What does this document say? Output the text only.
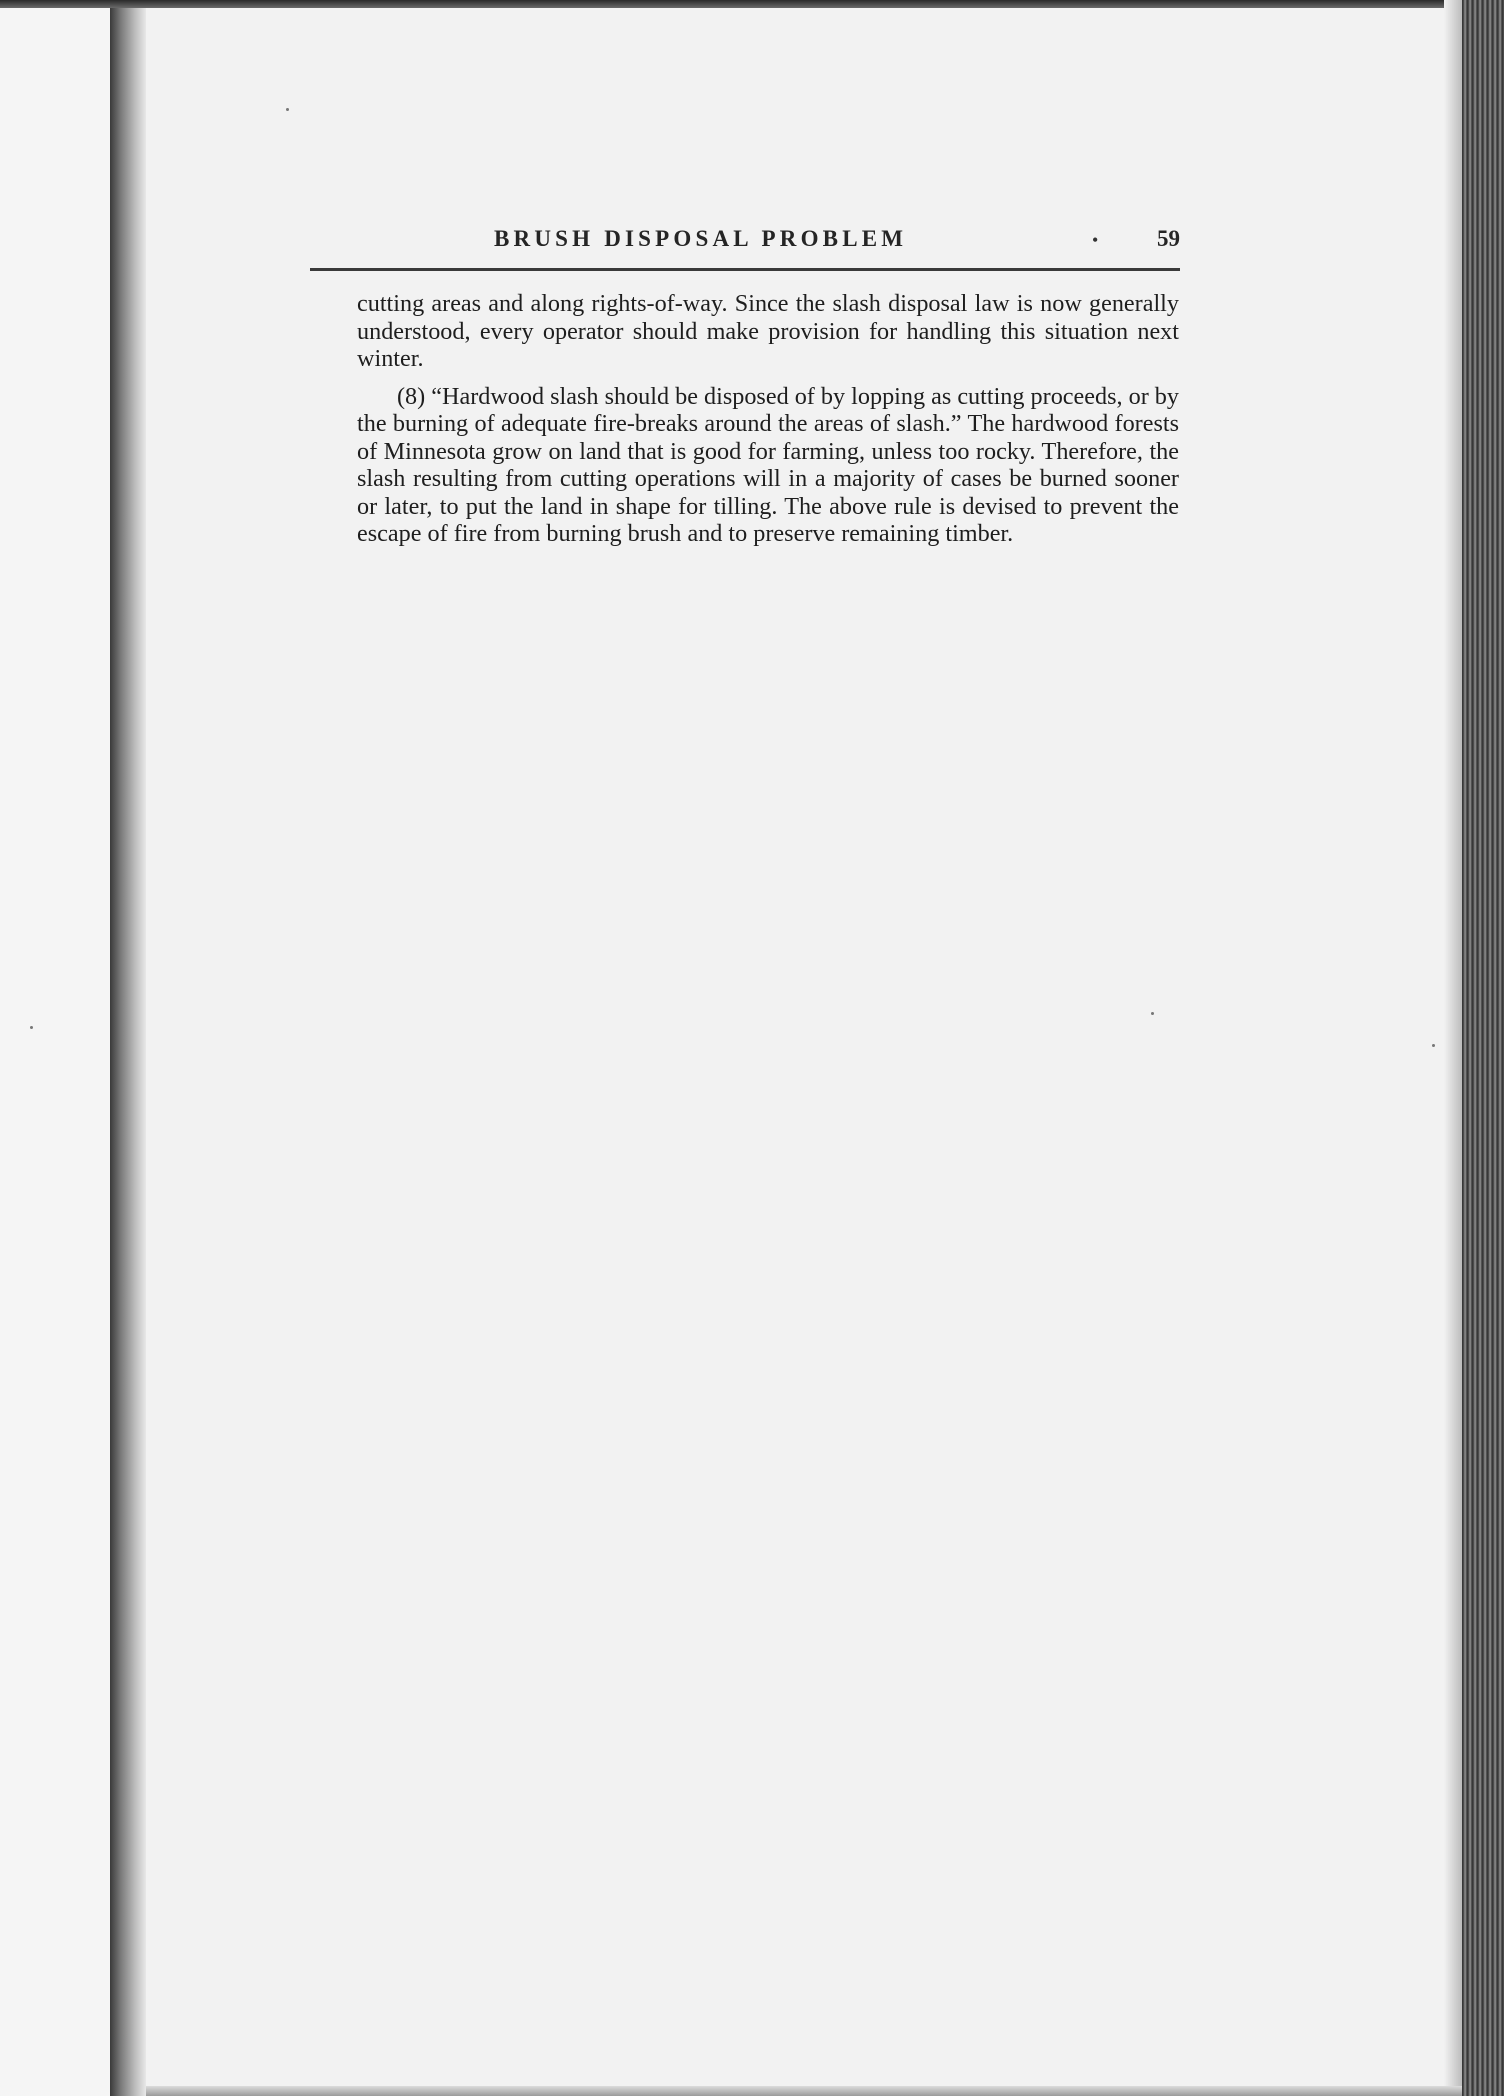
BRUSH DISPOSAL PROBLEM	•	59

cutting areas and along rights-of-way. Since the slash disposal law is now generally understood, every operator should make provision for handling this situation next winter.

(8) “Hardwood slash should be disposed of by lopping as cutting proceeds, or by the burning of adequate fire-breaks around the areas of slash.” The hardwood forests of Minnesota grow on land that is good for farming, unless too rocky. Therefore, the slash resulting from cutting operations will in a majority of cases be burned sooner or later, to put the land in shape for tilling. The above rule is devised to prevent the escape of fire from burning brush and to preserve remaining timber.
